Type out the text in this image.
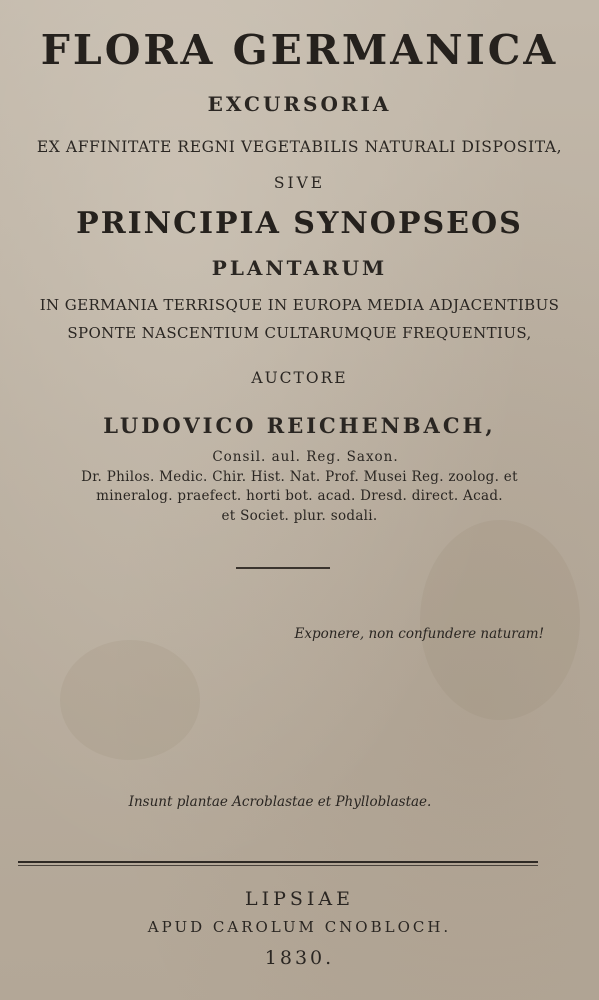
FLORA GERMANICA
EXCURSORIA
EX AFFINITATE REGNI VEGETABILIS NATURALI DISPOSITA,
SIVE
PRINCIPIA SYNOPSEOS
PLANTARUM
IN GERMANIA TERRISQUE IN EUROPA MEDIA ADJACENTIBUS
SPONTE NASCENTIUM CULTARUMQUE FREQUENTIUS,
AUCTORE
LUDOVICO REICHENBACH,
Consil. aul. Reg. Saxon.
Dr. Philos. Medic. Chir. Hist. Nat. Prof. Musei Reg. zoolog. et
mineralog. praefect. horti bot. acad. Dresd. direct. Acad.
et Societ. plur. sodali.
Exponere, non confundere naturam!
Insunt plantae Acroblastae et Phylloblastae.
LIPSIAE
APUD CAROLUM CNOBLOCH.
1830.
